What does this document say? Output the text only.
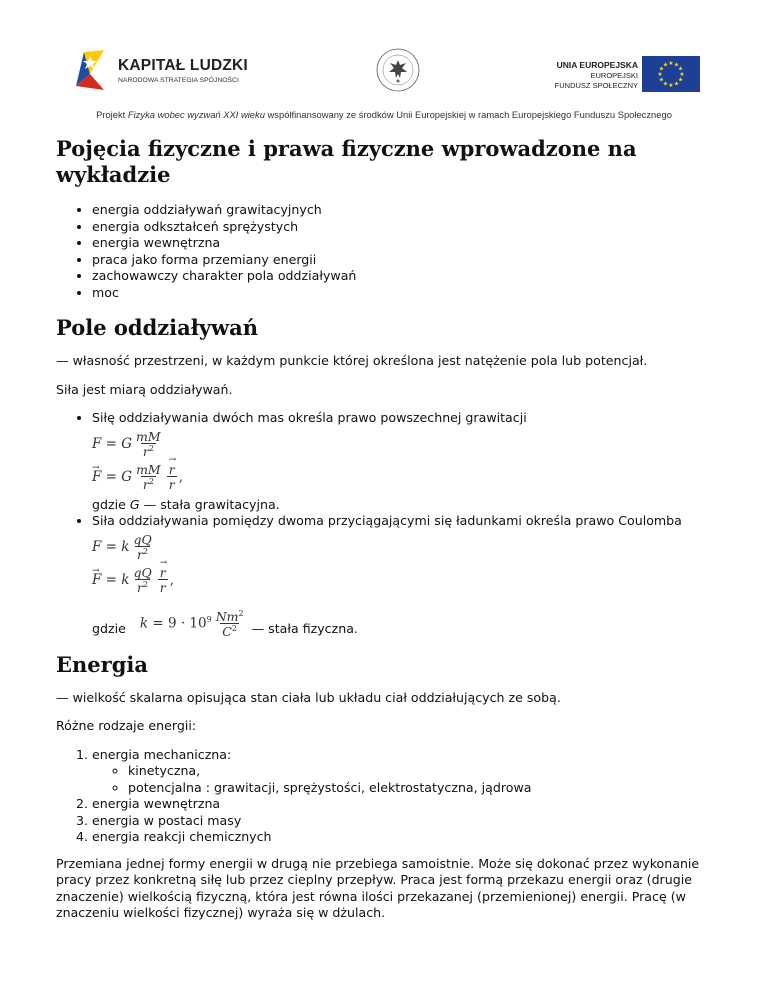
KAPITAŁ LUDZKI
NARODOWA STRATEGIA SPÓJNOŚCI
UNIA EUROPEJSKA
EUROPEJSKI
FUNDUSZ SPOŁECZNY
★ ★
★
★
★
★
★
★
★
★
★
★
Projekt Fizyka wobec wyzwań XXI wieku współfinansowany ze środków Unii Europejskiej w ramach Europejskiego Funduszu Społecznego
Pojęcia fizyczne i prawa fizyczne wprowadzone na wykładzie
• energia oddziaływań grawitacyjnych
• energia odkształceń sprężystych
• energia wewnętrzna
• praca jako forma przemiany energii
• zachowawczy charakter pola oddziaływań
• moc
Pole oddziaływań

— własność przestrzeni, w każdym punkcie której określona jest natężenie pola lub potencjał.

Siła jest miarą oddziaływań.

• Siłę oddziaływania dwóch mas określa prawo powszechnej grawitacji
F = G $\frac{mM}{r^2}$
→ F = G $\frac{mM}{r^2}$
→ $\frac{r}{r}$ ,
gdzie G — stała grawitacyjna.
• Siła oddziaływania pomiędzy dwoma przyciągającymi się ładunkami określa prawo Coulomba
F = k $\frac{qQ}{r^2}$
→ F = k $\frac{qQ}{r^2}$
→ $\frac{r}{r}$ ,
gdzie $k = 9 \cdot 10^9 \frac{Nm^2}{C^2}$ — stała fizyczna.
Energia

— wielkość skalarna opisująca stan ciała lub układu ciał oddziałujących ze sobą.

Różne rodzaje energii:

1. energia mechaniczna:
◦ kinetyczna,
◦ potencjalna : grawitacji, sprężystości, elektrostatyczna, jądrowa
2. energia wewnętrzna
3. energia w postaci masy
4. energia reakcji chemicznych

Przemiana jednej formy energii w drugą nie przebiega samoistnie. Może się dokonać przez wykonanie pracy przez konkretną siłę lub przez cieplny przepływ. Praca jest formą przekazu energii oraz (drugie znaczenie) wielkością fizyczną, która jest równa ilości przekazanej (przemienionej) energii. Pracę (w znaczeniu wielkości fizycznej) wyraża się w dżulach.
